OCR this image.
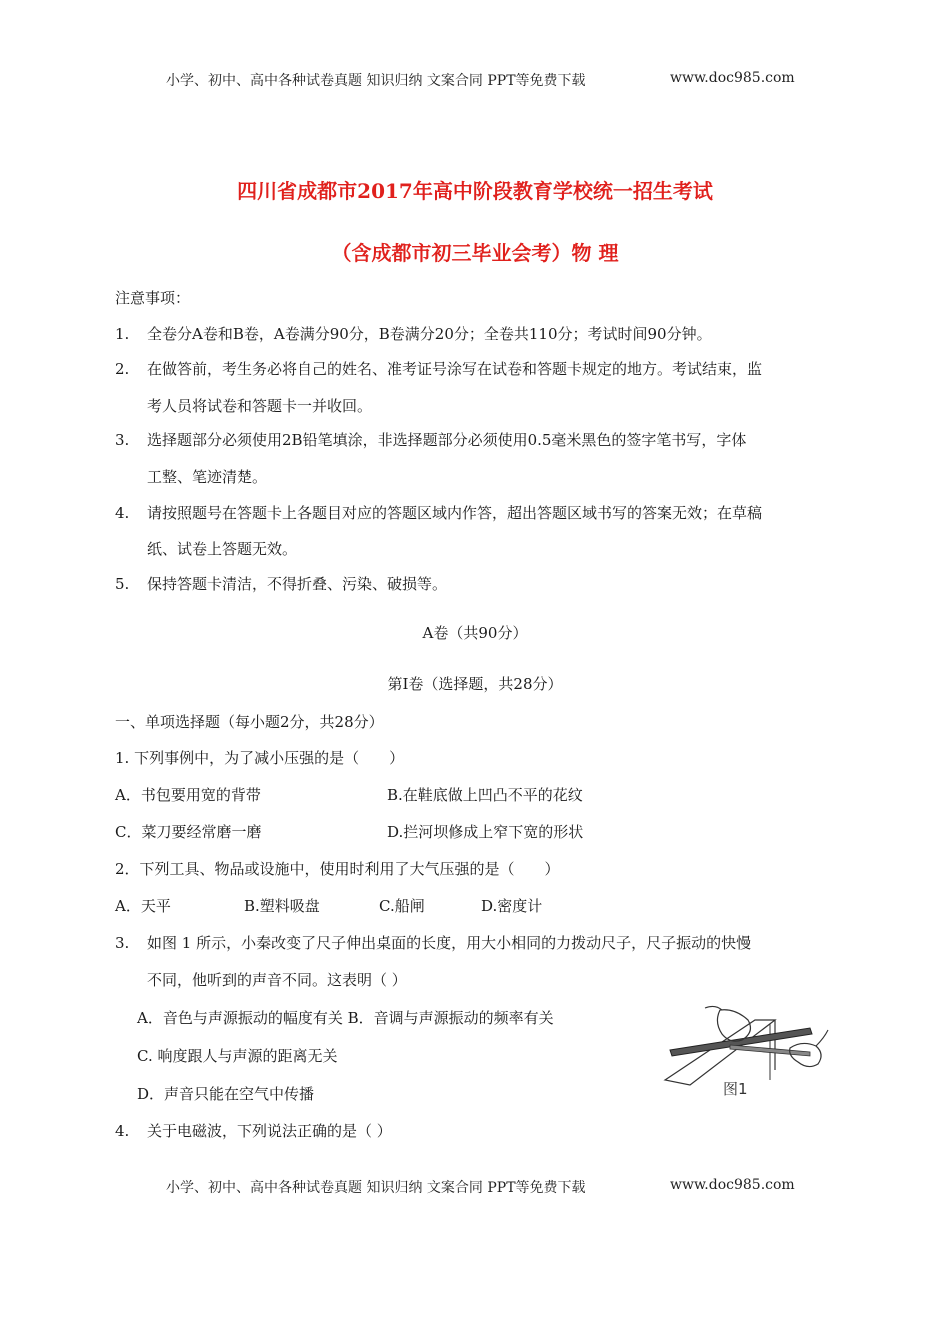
小学、初中、高中各种试卷真题 知识归纳 文案合同 PPT等免费下载	www.doc985.com
四川省成都市2017年高中阶段教育学校统一招生考试
（含成都市初三毕业会考）物 理
注意事项：
1. 全卷分A卷和B卷，A卷满分90分，B卷满分20分；全卷共110分；考试时间90分钟。
2. 在做答前，考生务必将自己的姓名、准考证号涂写在试卷和答题卡规定的地方。考试结束，监
考人员将试卷和答题卡一并收回。
3. 选择题部分必须使用2B铅笔填涂，非选择题部分必须使用0.5毫米黑色的签字笔书写，字体
工整、笔迹清楚。
4. 请按照题号在答题卡上各题目对应的答题区域内作答，超出答题区域书写的答案无效；在草稿
纸、试卷上答题无效。
5. 保持答题卡清洁，不得折叠、污染、破损等。
A卷（共90分）
第Ⅰ卷（选择题，共28分）
一、单项选择题（每小题2分，共28分）
1. 下列事例中，为了减小压强的是（　　）
A．书包要用宽的背带	B.在鞋底做上凹凸不平的花纹
C．菜刀要经常磨一磨	D.拦河坝修成上窄下宽的形状
2．下列工具、物品或设施中，使用时利用了大气压强的是（　　）
A．天平	B.塑料吸盘	C.船闸	D.密度计
3. 如图 1 所示，小秦改变了尺子伸出桌面的长度，用大小相同的力拨动尺子，尺子振动的快慢
不同，他听到的声音不同。这表明（ ）
A．音色与声源振动的幅度有关 B．音调与声源振动的频率有关
C. 响度跟人与声源的距离无关
D．声音只能在空气中传播	图1
4. 关于电磁波，下列说法正确的是（ ）
小学、初中、高中各种试卷真题 知识归纳 文案合同 PPT等免费下载	www.doc985.com
